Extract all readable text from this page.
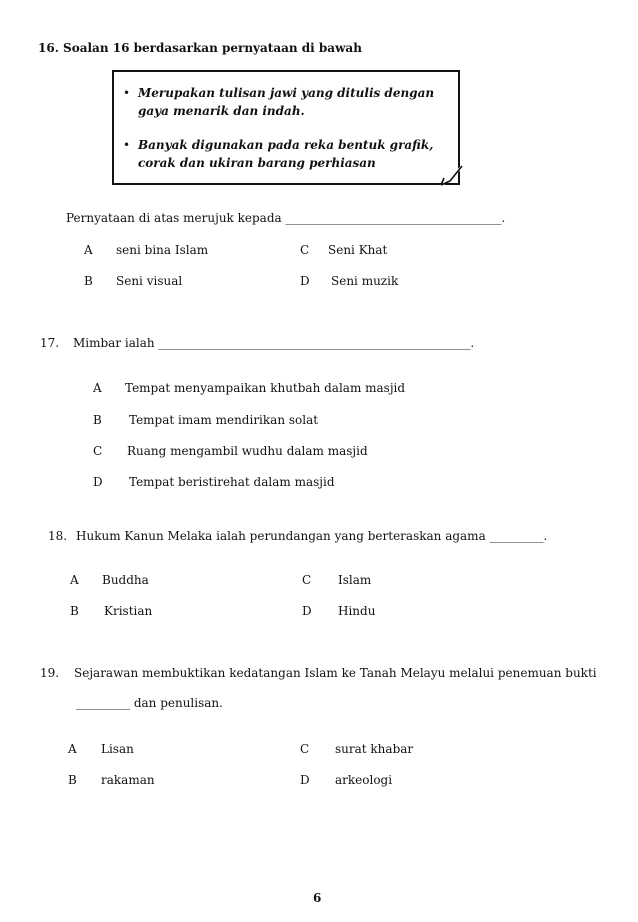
16. Soalan 16 berdasarkan pernyataan di bawah
• Merupakan tulisan jawi yang ditulis dengan
gaya menarik dan indah.
• Banyak digunakan pada reka bentuk grafik,
corak dan ukiran barang perhiasan
Pernyataan di atas merujuk kepada ____________________________________.
A seni bina Islam	C Seni Khat
B Seni visual	D Seni muzik
17. Mimbar ialah ____________________________________________________.
A Tempat menyampaikan khutbah dalam masjid
B Tempat imam mendirikan solat
C Ruang mengambil wudhu dalam masjid
D Tempat beristirehat dalam masjid
18. Hukum Kanun Melaka ialah perundangan yang berteraskan agama _________.
A Buddha	C Islam
B Kristian	D Hindu
19. Sejarawan membuktikan kedatangan Islam ke Tanah Melayu melalui penemuan bukti
_________ dan penulisan.
A Lisan	C surat khabar
B rakaman	D arkeologi
6
